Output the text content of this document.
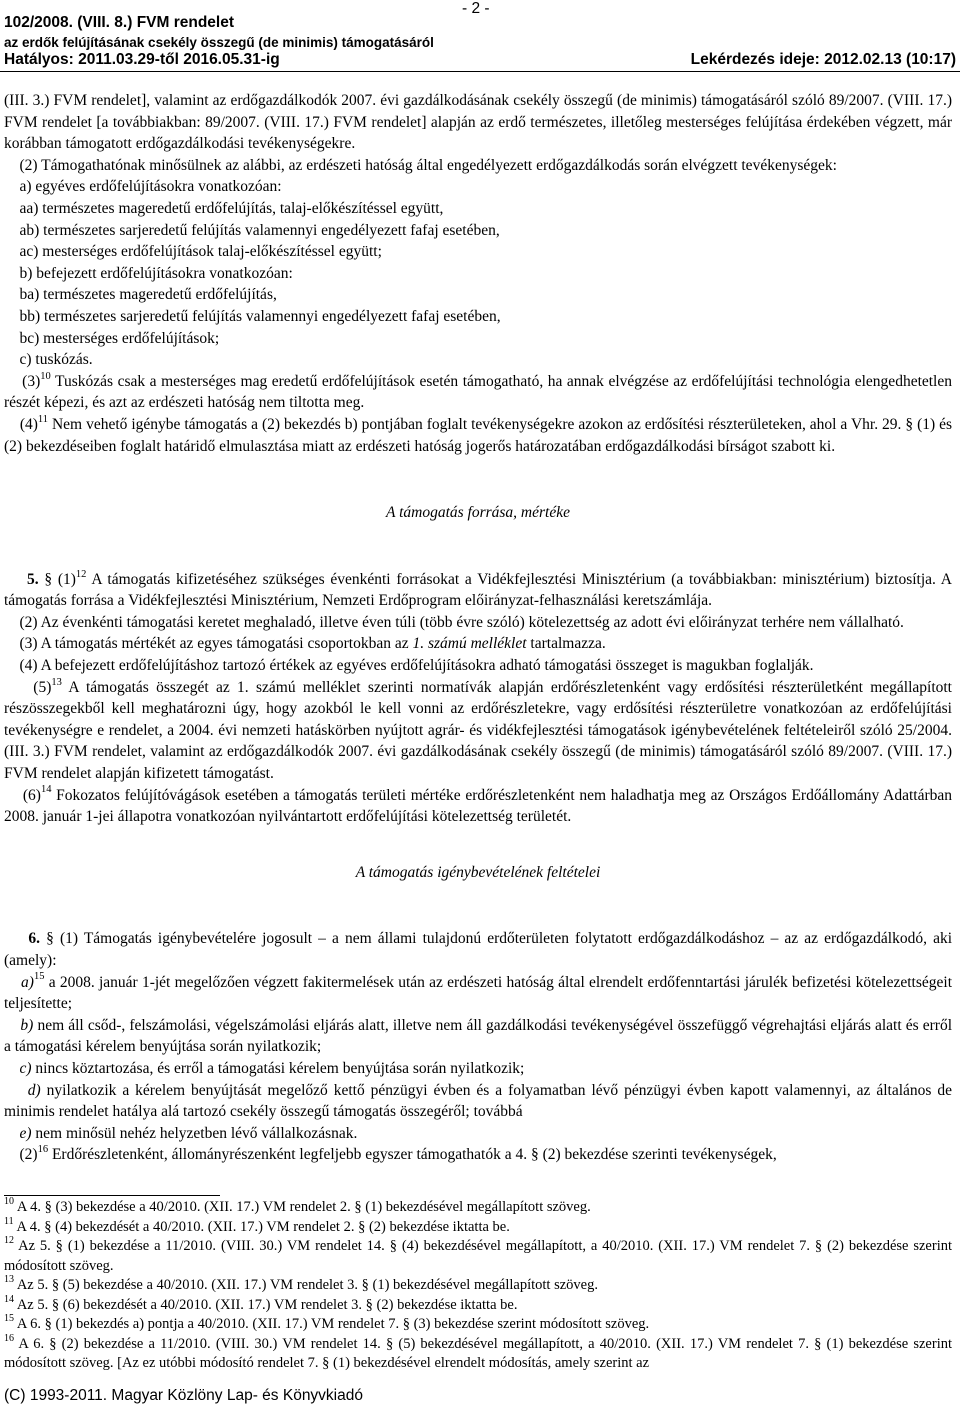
- 2 -
102/2008. (VIII. 8.) FVM rendelet
az erdők felújításának csekély összegű (de minimis) támogatásáról
Hatályos: 2011.03.29-től 2016.05.31-ig	Lekérdezés ideje: 2012.02.13 (10:17)

(III. 3.) FVM rendelet], valamint az erdőgazdálkodók 2007. évi gazdálkodásának csekély összegű (de minimis) támogatásáról szóló 89/2007. (VIII. 17.) FVM rendelet [a továbbiakban: 89/2007. (VIII. 17.) FVM rendelet] alapján az erdő természetes, illetőleg mesterséges felújítása érdekében végzett, már korábban támogatott erdőgazdálkodási tevékenységekre.

(2) Támogathatónak minősülnek az alábbi, az erdészeti hatóság által engedélyezett erdőgazdálkodás során elvégzett tevékenységek:

a) egyéves erdőfelújításokra vonatkozóan:

aa) természetes mageredetű erdőfelújítás, talaj-előkészítéssel együtt,

ab) természetes sarjeredetű felújítás valamennyi engedélyezett fafaj esetében,

ac) mesterséges erdőfelújítások talaj-előkészítéssel együtt;

b) befejezett erdőfelújításokra vonatkozóan:

ba) természetes mageredetű erdőfelújítás,

bb) természetes sarjeredetű felújítás valamennyi engedélyezett fafaj esetében,

bc) mesterséges erdőfelújítások;

c) tuskózás.

$(3)^{10}$ Tuskózás csak a mesterséges mag eredetű erdőfelújítások esetén támogatható, ha annak elvégzése az erdőfelújítási technológia elengedhetetlen részét képezi, és azt az erdészeti hatóság nem tiltotta meg.

$(4)^{11}$ Nem vehető igénybe támogatás a (2) bekezdés b) pontjában foglalt tevékenységekre azokon az erdősítési részterületeken, ahol a Vhr. 29. § (1) és (2) bekezdéseiben foglalt határidő elmulasztása miatt az erdészeti hatóság jogerős határozatában erdőgazdálkodási bírságot szabott ki.

A támogatás forrása, mértéke

5. § $(1)^{12}$ A támogatás kifizetéséhez szükséges évenkénti forrásokat a Vidékfejlesztési Minisztérium (a továbbiakban: minisztérium) biztosítja. A támogatás forrása a Vidékfejlesztési Minisztérium, Nemzeti Erdőprogram előirányzat-felhasználási keretszámlája.

(2) Az évenkénti támogatási keretet meghaladó, illetve éven túli (több évre szóló) kötelezettség az adott évi előirányzat terhére nem vállalható.

(3) A támogatás mértékét az egyes támogatási csoportokban az 1. számú melléklet tartalmazza.

(4) A befejezett erdőfelújításhoz tartozó értékek az egyéves erdőfelújításokra adható támogatási összeget is magukban foglalják.

$(5)^{13}$ A támogatás összegét az 1. számú melléklet szerinti normatívák alapján erdőrészletenként vagy erdősítési részterületként megállapított részösszegekből kell meghatározni úgy, hogy azokból le kell vonni az erdőrészletekre, vagy erdősítési részterületre vonatkozóan az erdőfelújítási tevékenységre e rendelet, a 2004. évi nemzeti hatáskörben nyújtott agrár- és vidékfejlesztési támogatások igénybevételének feltételeiről szóló 25/2004. (III. 3.) FVM rendelet, valamint az erdőgazdálkodók 2007. évi gazdálkodásának csekély összegű (de minimis) támogatásáról szóló 89/2007. (VIII. 17.) FVM rendelet alapján kifizetett támogatást.

$(6)^{14}$ Fokozatos felújítóvágások esetében a támogatás területi mértéke erdőrészletenként nem haladhatja meg az Országos Erdőállomány Adattárban 2008. január 1-jei állapotra vonatkozóan nyilvántartott erdőfelújítási kötelezettség területét.

A támogatás igénybevételének feltételei

6. § (1) Támogatás igénybevételére jogosult – a nem állami tulajdonú erdőterületen folytatott erdőgazdálkodáshoz – az az erdőgazdálkodó, aki (amely):

a)$^{15}$ a 2008. január 1-jét megelőzően végzett fakitermelések után az erdészeti hatóság által elrendelt erdőfenntartási járulék befizetési kötelezettségeit teljesítette;

b) nem áll csőd-, felszámolási, végelszámolási eljárás alatt, illetve nem áll gazdálkodási tevékenységével összefüggő végrehajtási eljárás alatt és erről a támogatási kérelem benyújtása során nyilatkozik;

c) nincs köztartozása, és erről a támogatási kérelem benyújtása során nyilatkozik;

d) nyilatkozik a kérelem benyújtását megelőző kettő pénzügyi évben és a folyamatban lévő pénzügyi évben kapott valamennyi, az általános de minimis rendelet hatálya alá tartozó csekély összegű támogatás összegéről; továbbá

e) nem minősül nehéz helyzetben lévő vállalkozásnak.

$(2)^{16}$ Erdőrészletenként, állományrészenként legfeljebb egyszer támogathatók a 4. § (2) bekezdése szerinti tevékenységek,

$^{10}$ A 4. § (3) bekezdése a 40/2010. (XII. 17.) VM rendelet 2. § (1) bekezdésével megállapított szöveg.

$^{11}$ A 4. § (4) bekezdését a 40/2010. (XII. 17.) VM rendelet 2. § (2) bekezdése iktatta be.

$^{12}$ Az 5. § (1) bekezdése a 11/2010. (VIII. 30.) VM rendelet 14. § (4) bekezdésével megállapított, a 40/2010. (XII. 17.) VM rendelet 7. § (2) bekezdése szerint módosított szöveg.

$^{13}$ Az 5. § (5) bekezdése a 40/2010. (XII. 17.) VM rendelet 3. § (1) bekezdésével megállapított szöveg.

$^{14}$ Az 5. § (6) bekezdését a 40/2010. (XII. 17.) VM rendelet 3. § (2) bekezdése iktatta be.

$^{15}$ A 6. § (1) bekezdés a) pontja a 40/2010. (XII. 17.) VM rendelet 7. § (3) bekezdése szerint módosított szöveg.

$^{16}$ A 6. § (2) bekezdése a 11/2010. (VIII. 30.) VM rendelet 14. § (5) bekezdésével megállapított, a 40/2010. (XII. 17.) VM rendelet 7. § (1) bekezdése szerint módosított szöveg. [Az ez utóbbi módosító rendelet 7. § (1) bekezdésével elrendelt módosítás, amely szerint az

(C) 1993-2011. Magyar Közlöny Lap- és Könyvkiadó
